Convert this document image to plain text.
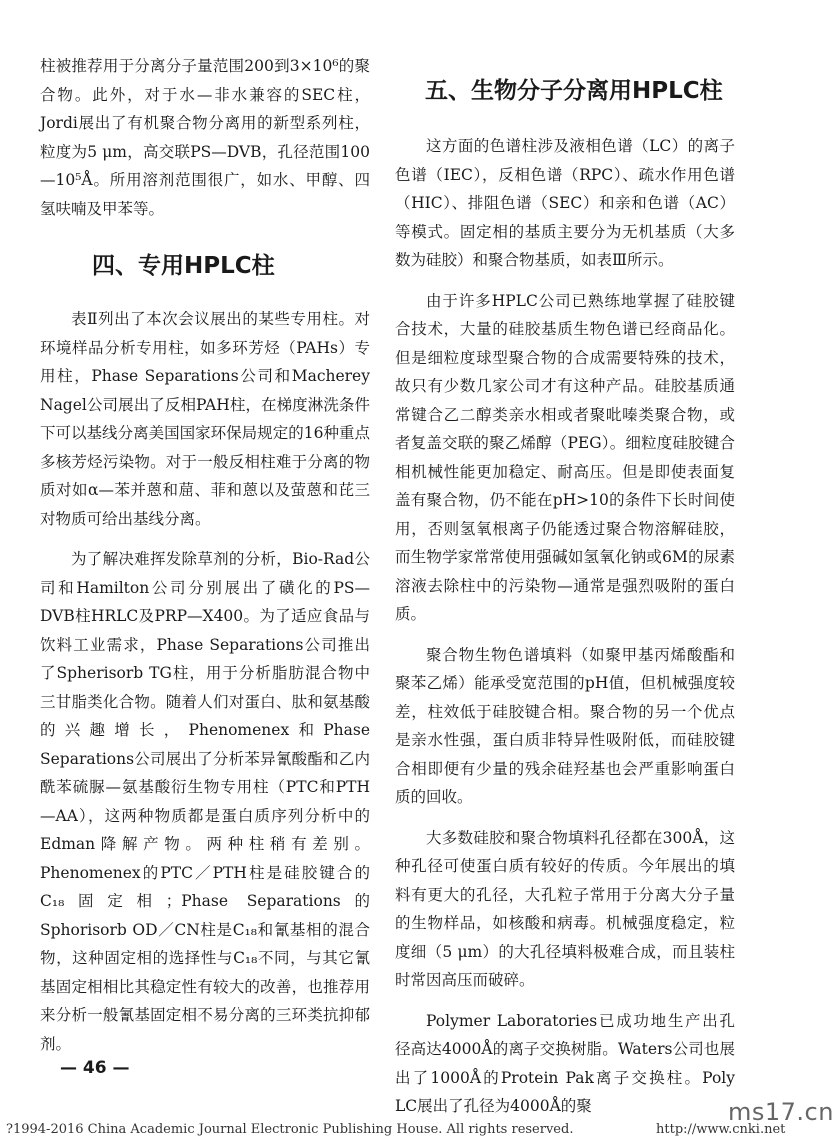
柱被推荐用于分离分子量范围200到3×10⁶的聚合物。此外，对于水—非水兼容的SEC柱，Jordi展出了有机聚合物分离用的新型系列柱，粒度为5 μm，高交联PS—DVB，孔径范围100—10⁵Å。所用溶剂范围很广，如水、甲醇、四氢呋喃及甲苯等。

四、专用HPLC柱

表Ⅱ列出了本次会议展出的某些专用柱。对环境样品分析专用柱，如多环芳烃（PAHs）专用柱，Phase Separations公司和Macherey Nagel公司展出了反相PAH柱，在梯度淋洗条件下可以基线分离美国国家环保局规定的16种重点多核芳烃污染物。对于一般反相柱难于分离的物质对如α—苯并蒽和䓛、菲和蒽以及萤蒽和芘三对物质可给出基线分离。

为了解决难挥发除草剂的分析，Bio-Rad公司和Hamilton公司分别展出了磺化的PS—DVB柱HRLC及PRP—X400。为了适应食品与饮料工业需求，Phase Separations公司推出了Spherisorb TG柱，用于分析脂肪混合物中三甘脂类化合物。随着人们对蛋白、肽和氨基酸的兴趣增长，Phenomenex和Phase Separations公司展出了分析苯异氰酸酯和乙内酰苯硫脲—氨基酸衍生物专用柱（PTC和PTH—AA），这两种物质都是蛋白质序列分析中的Edman降解产物。两种柱稍有差别。Phenomenex的PTC／PTH柱是硅胶键合的C₁₈固定相；Phase Separations的Sphorisorb OD／CN柱是C₁₈和氰基相的混合物，这种固定相的选择性与C₁₈不同，与其它氰基固定相相比其稳定性有较大的改善，也推荐用来分析一般氰基固定相不易分离的三环类抗抑郁剂。

五、生物分子分离用HPLC柱

这方面的色谱柱涉及液相色谱（LC）的离子色谱（IEC），反相色谱（RPC）、疏水作用色谱（HIC）、排阻色谱（SEC）和亲和色谱（AC）等模式。固定相的基质主要分为无机基质（大多数为硅胶）和聚合物基质，如表Ⅲ所示。

由于许多HPLC公司已熟练地掌握了硅胶键合技术，大量的硅胶基质生物色谱已经商品化。但是细粒度球型聚合物的合成需要特殊的技术，故只有少数几家公司才有这种产品。硅胶基质通常键合乙二醇类亲水相或者聚吡嗪类聚合物，或者复盖交联的聚乙烯醇（PEG）。细粒度硅胶键合相机械性能更加稳定、耐高压。但是即使表面复盖有聚合物，仍不能在pH>10的条件下长时间使用，否则氢氧根离子仍能透过聚合物溶解硅胶，而生物学家常常使用强碱如氢氧化钠或6M的尿素溶液去除柱中的污染物—通常是强烈吸附的蛋白质。

聚合物生物色谱填料（如聚甲基丙烯酸酯和聚苯乙烯）能承受宽范围的pH值，但机械强度较差，柱效低于硅胶键合相。聚合物的另一个优点是亲水性强，蛋白质非特异性吸附低，而硅胶键合相即便有少量的残余硅羟基也会严重影响蛋白质的回收。

大多数硅胶和聚合物填料孔径都在300Å，这种孔径可使蛋白质有较好的传质。今年展出的填料有更大的孔径，大孔粒子常用于分离大分子量的生物样品，如核酸和病毒。机械强度稳定，粒度细（5 μm）的大孔径填料极难合成，而且装柱时常因高压而破碎。

Polymer Laboratories已成功地生产出孔径高达4000Å的离子交换树脂。Waters公司也展出了1000Å的Protein Pak离子交换柱。Poly LC展出了孔径为4000Å的聚

— 46 —
?1994-2016 China Academic Journal Electronic Publishing House. All rights reserved.	http://www.cnki.net
ms17.cn
